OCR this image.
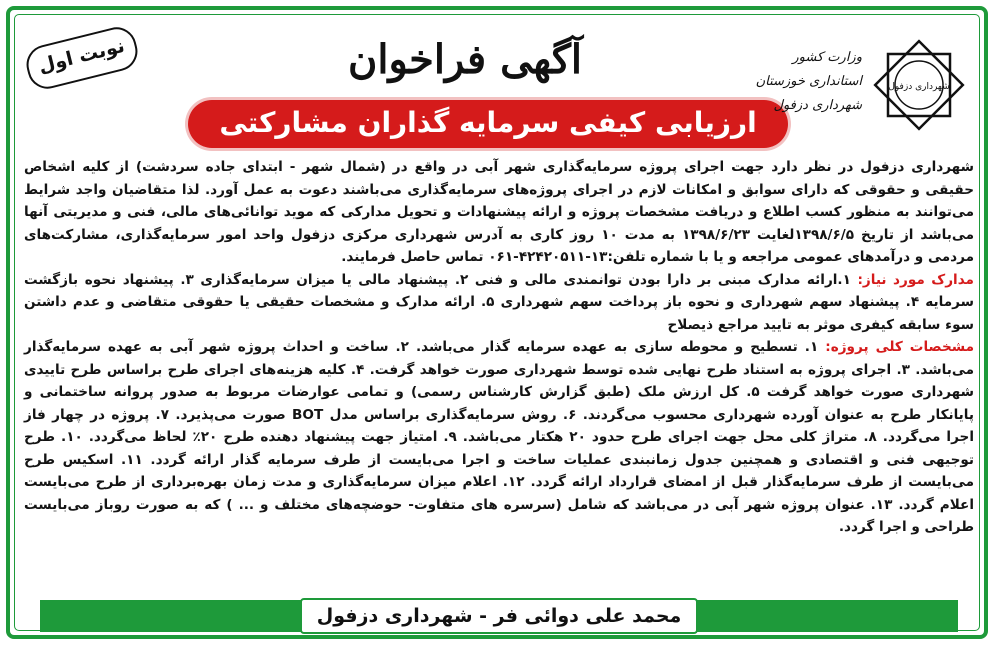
نوبت اول	آگهی فراخوان
ارزیابی کیفی سرمایه گذاران مشارکتی
وزارت کشور
استانداری خوزستان
شهرداری دزفول
شهرداری دزفول

شهرداری دزفول در نظر دارد جهت اجرای پروژه سرمایه‌گذاری شهر آبی در واقع در (شمال شهر - ابتدای جاده سردشت) از کلیه اشخاص حقیقی و حقوقی که دارای سوابق و امکانات لازم در اجرای پروژه‌های سرمایه‌گذاری می‌باشند دعوت به عمل آورد. لذا متقاضیان واجد شرایط می‌توانند به منظور کسب اطلاع و دریافت مشخصات پروژه و ارائه پیشنهادات و تحویل مدارکی که موید توانائی‌های مالی، فنی و مدیریتی آنها می‌باشد از تاریخ ۱۳۹۸/۶/۵لغایت ۱۳۹۸/۶/۲۳ به مدت ۱۰ روز کاری به آدرس شهرداری مرکزی دزفول واحد امور سرمایه‌گذاری، مشارکت‌های مردمی و درآمدهای عمومی مراجعه و یا با شماره تلفن:۱۳-۴۲۴۲۰۵۱۱-۰۶۱ تماس حاصل فرمایند.

مدارک مورد نیاز: ۱.ارائه مدارک مبنی بر دارا بودن توانمندی مالی و فنی ۲. پیشنهاد مالی یا میزان سرمایه‌گذاری ۳. پیشنهاد نحوه بازگشت سرمایه ۴. پیشنهاد سهم شهرداری و نحوه باز پرداخت سهم شهرداری ۵. ارائه مدارک و مشخصات حقیقی یا حقوقی متقاضی و عدم داشتن سوء سابقه کیفری موثر به تایید مراجع ذیصلاح

مشخصات کلی پروژه: ۱. تسطیح و محوطه سازی به عهده سرمایه گذار می‌باشد. ۲. ساخت و احداث پروژه شهر آبی به عهده سرمایه‌گذار می‌باشد. ۳. اجرای پروژه به استناد طرح نهایی شده توسط شهرداری صورت خواهد گرفت. ۴. کلیه هزینه‌های اجرای طرح براساس طرح تاییدی شهرداری صورت خواهد گرفت ۵. کل ارزش ملک (طبق گزارش کارشناس رسمی) و تمامی عوارضات مربوط به صدور پروانه ساختمانی و پایانکار طرح به عنوان آورده شهرداری محسوب می‌گردند. ۶. روش سرمایه‌گذاری براساس مدل BOT صورت می‌پذیرد. ۷. پروژه در چهار فاز اجرا می‌گردد. ۸. متراژ کلی محل جهت اجرای طرح حدود ۲۰ هکتار می‌باشد. ۹. امتیاز جهت پیشنهاد دهنده طرح ۲۰٪ لحاظ می‌گردد. ۱۰. طرح توجیهی فنی و اقتصادی و همچنین جدول زمانبندی عملیات ساخت و اجرا می‌بایست از طرف سرمایه گذار ارائه گردد. ۱۱. اسکیس طرح می‌بایست از طرف سرمایه‌گذار قبل از امضای قرارداد ارائه گردد. ۱۲. اعلام میزان سرمایه‌گذاری و مدت زمان بهره‌برداری از طرح می‌بایست اعلام گردد. ۱۳. عنوان پروژه شهر آبی در می‌باشد که شامل (سرسره های متفاوت- حوضچه‌های مختلف و ... ) که به صورت روباز می‌بایست طراحی و اجرا گردد.

محمد علی دوائی فر - شهرداری دزفول
